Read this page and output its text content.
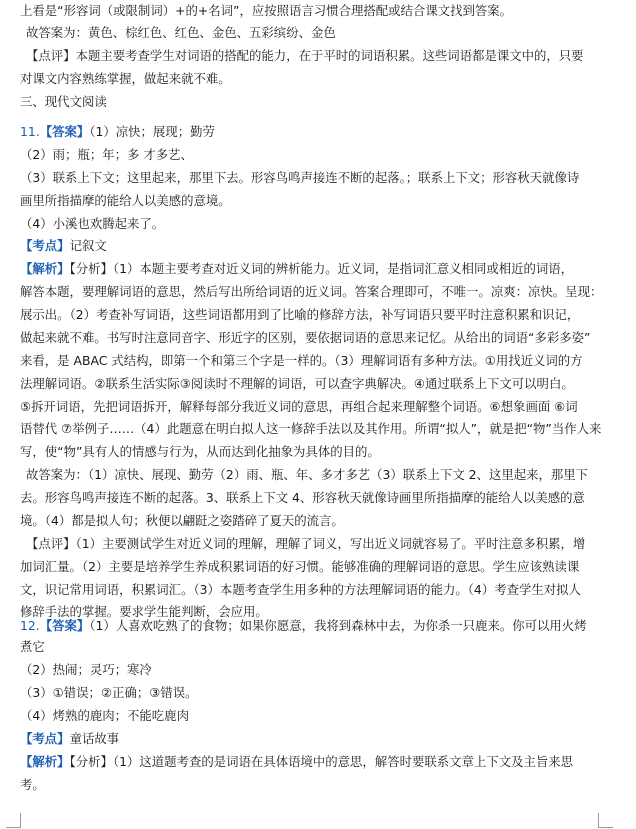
上看是“形容词（或限制词）+的+名词”，应按照语言习惯合理搭配或结合课文找到答案。
故答案为：黄色、棕红色、红色、金色、五彩缤纷、金色
【点评】本题主要考查学生对词语的搭配的能力，在于平时的词语积累。这些词语都是课文中的，只要
对课文内容熟练掌握，做起来就不难。
三、现代文阅读
11.【答案】（1）凉快；展现；勤劳
（2）雨；瓶；年；多 才多艺、
（3）联系上下文；这里起来，那里下去。形容鸟鸣声接连不断的起落。；联系上下文；形容秋天就像诗
画里所指描摩的能给人以美感的意境。
（4）小溪也欢腾起来了。
【考点】记叙文
【解析】【分析】（1）本题主要考查对近义词的辨析能力。近义词，是指词汇意义相同或相近的词语，
解答本题，要理解词语的意思，然后写出所给词语的近义词。答案合理即可，不唯一。凉爽：凉快。呈现：
展示出。（2）考查补写词语，这些词语都用到了比喻的修辞方法，补写词语只要平时注意积累和识记，
做起来就不难。书写时注意同音字、形近字的区别，要依据词语的意思来记忆。从给出的词语“多彩多姿”
来看，是 ABAC 式结构，即第一个和第三个字是一样的。（3）理解词语有多种方法。①用找近义词的方
法理解词语。②联系生活实际③阅读时不理解的词语，可以查字典解决。④通过联系上下文可以明白。
⑤拆开词语，先把词语拆开，解释每部分我近义词的意思，再组合起来理解整个词语。⑥想象画面 ⑥词
语替代 ⑦举例子……（4）此题意在明白拟人这一修辞手法以及其作用。所谓“拟人”，就是把“物”当作人来
写，使“物”具有人的情感与行为，从而达到化抽象为具体的目的。
故答案为：（1）凉快、展现、勤劳（2）雨、瓶、年、多才多艺（3）联系上下文 2、这里起来，那里下
去。形容鸟鸣声接连不断的起落。3、联系上下文 4、形容秋天就像诗画里所指描摩的能给人以美感的意
境。（4）都是拟人句；秋便以翩跹之姿踏碎了夏天的流言。
【点评】（1）主要测试学生对近义词的理解，理解了词义，写出近义词就容易了。平时注意多积累，增
加词汇量。（2）主要是培养学生养成积累词语的好习惯。能够准确的理解词语的意思。学生应该熟读课
文，识记常用词语，积累词汇。（3）本题考查学生用多种的方法理解词语的能力。（4）考查学生对拟人
修辞手法的掌握。要求学生能判断，会应用。
12.【答案】（1）人喜欢吃熟了的食物；如果你愿意，我将到森林中去，为你杀一只鹿来。你可以用火烤
煮它
（2）热闹；灵巧；寒冷
（3）①错误；②正确；③错误。
（4）烤熟的鹿肉；不能吃鹿肉
【考点】童话故事
【解析】【分析】（1）这道题考查的是词语在具体语境中的意思，解答时要联系文章上下文及主旨来思
考。
